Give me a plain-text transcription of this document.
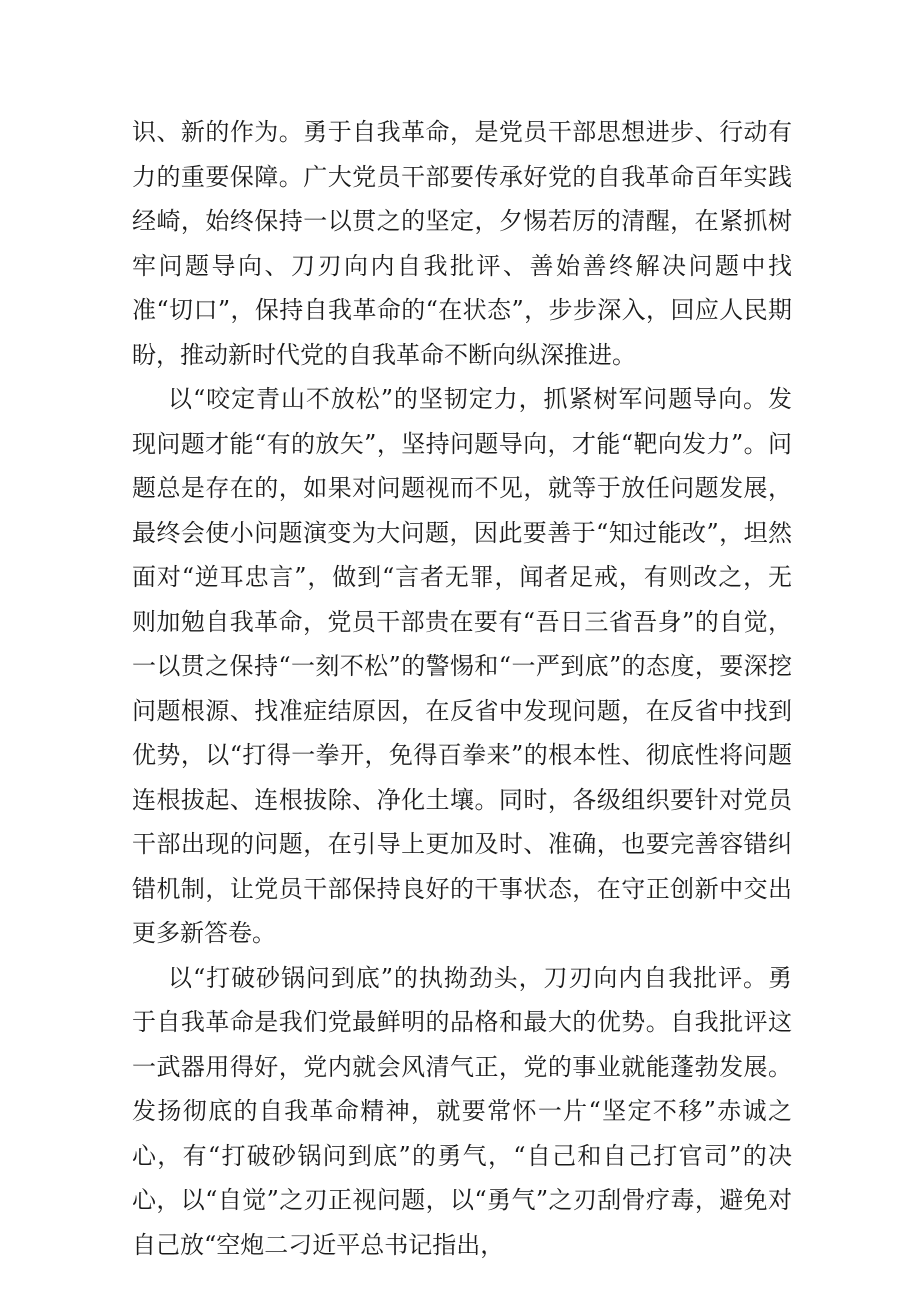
识、新的作为。勇于自我革命，是党员干部思想进步、行动有力的重要保障。广大党员干部要传承好党的自我革命百年实践经崎，始终保持一以贯之的坚定，夕惕若厉的清醒，在紧抓树牢问题导向、刀刃向内自我批评、善始善终解决问题中找准“切口”，保持自我革命的“在状态”，步步深入，回应人民期盼，推动新时代党的自我革命不断向纵深推进。

以“咬定青山不放松”的坚韧定力，抓紧树军问题导向。发现问题才能“有的放矢”，坚持问题导向，才能“靶向发力”。问题总是存在的，如果对问题视而不见，就等于放任问题发展，最终会使小问题演变为大问题，因此要善于“知过能改”，坦然面对“逆耳忠言”，做到“言者无罪，闻者足戒，有则改之，无则加勉自我革命，党员干部贵在要有“吾日三省吾身”的自觉，一以贯之保持“一刻不松”的警惕和“一严到底”的态度，要深挖问题根源、找准症结原因，在反省中发现问题，在反省中找到优势，以“打得一拳开，免得百拳来”的根本性、彻底性将问题连根拔起、连根拔除、净化土壤。同时，各级组织要针对党员干部出现的问题，在引导上更加及时、准确，也要完善容错纠错机制，让党员干部保持良好的干事状态，在守正创新中交出更多新答卷。

以“打破砂锅问到底”的执拗劲头，刀刃向内自我批评。勇于自我革命是我们党最鲜明的品格和最大的优势。自我批评这一武器用得好，党内就会风清气正，党的事业就能蓬勃发展。发扬彻底的自我革命精神，就要常怀一片“坚定不移”赤诚之心，有“打破砂锅问到底”的勇气，“自己和自己打官司”的决心，以“自觉”之刃正视问题，以“勇气”之刃刮骨疗毒，避免对自己放“空炮二刁近平总书记指出，
